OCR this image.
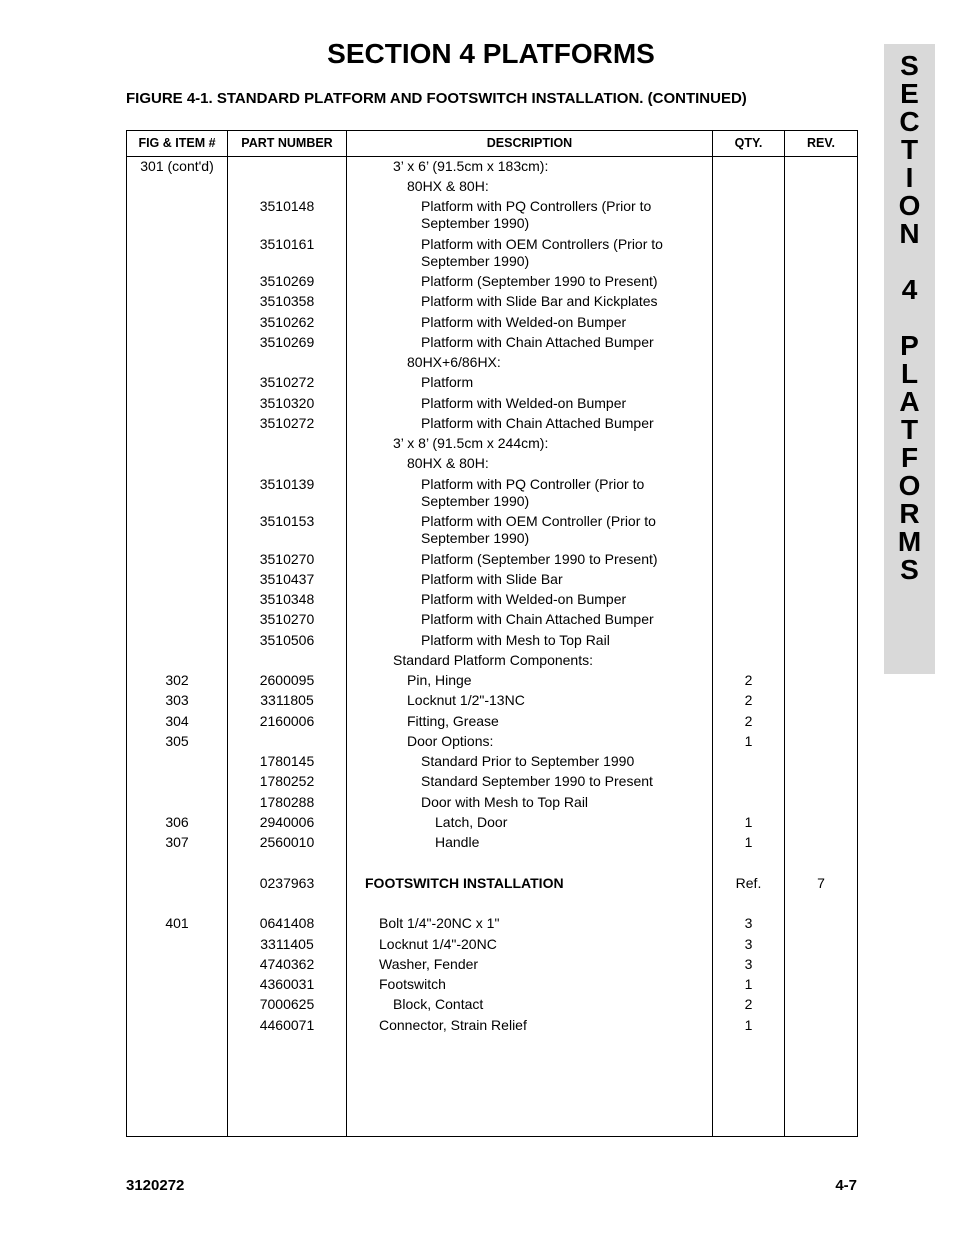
SECTION 4 PLATFORMS
FIGURE 4-1. STANDARD PLATFORM AND FOOTSWITCH INSTALLATION. (CONTINUED)
S
E
C
T
I
O
N
4
P
L
A
T
F
O
R
M
S
FIG & ITEM #	PART NUMBER	DESCRIPTION	QTY.	REV.
301 (cont'd)	3’ x 6’ (91.5cm x 183cm):
80HX & 80H:
3510148	Platform with PQ Controllers (Prior to September 1990)
3510161	Platform with OEM Controllers (Prior to September 1990)
3510269	Platform (September 1990 to Present)
3510358	Platform with Slide Bar and Kickplates
3510262	Platform with Welded-on Bumper
3510269	Platform with Chain Attached Bumper
80HX+6/86HX:
3510272	Platform
3510320	Platform with Welded-on Bumper
3510272	Platform with Chain Attached Bumper
3’ x 8’ (91.5cm x 244cm):
80HX & 80H:
3510139	Platform with PQ Controller (Prior to September 1990)
3510153	Platform with OEM Controller (Prior to September 1990)
3510270	Platform (September 1990 to Present)
3510437	Platform with Slide Bar
3510348	Platform with Welded-on Bumper
3510270	Platform with Chain Attached Bumper
3510506	Platform with Mesh to Top Rail
Standard Platform Components:
302	2600095	Pin, Hinge	2
303	3311805	Locknut 1/2"-13NC	2
304	2160006	Fitting, Grease	2
305	Door Options:	1
1780145	Standard Prior to September 1990
1780252	Standard September 1990 to Present
1780288	Door with Mesh to Top Rail
306	2940006	Latch, Door	1
307	2560010	Handle	1
0237963	FOOTSWITCH INSTALLATION	Ref.	7
401	0641408	Bolt 1/4"-20NC x 1"	3
3311405	Locknut 1/4"-20NC	3
4740362	Washer, Fender	3
4360031	Footswitch	1
7000625	Block, Contact	2
4460071	Connector, Strain Relief	1
3120272	4-7
